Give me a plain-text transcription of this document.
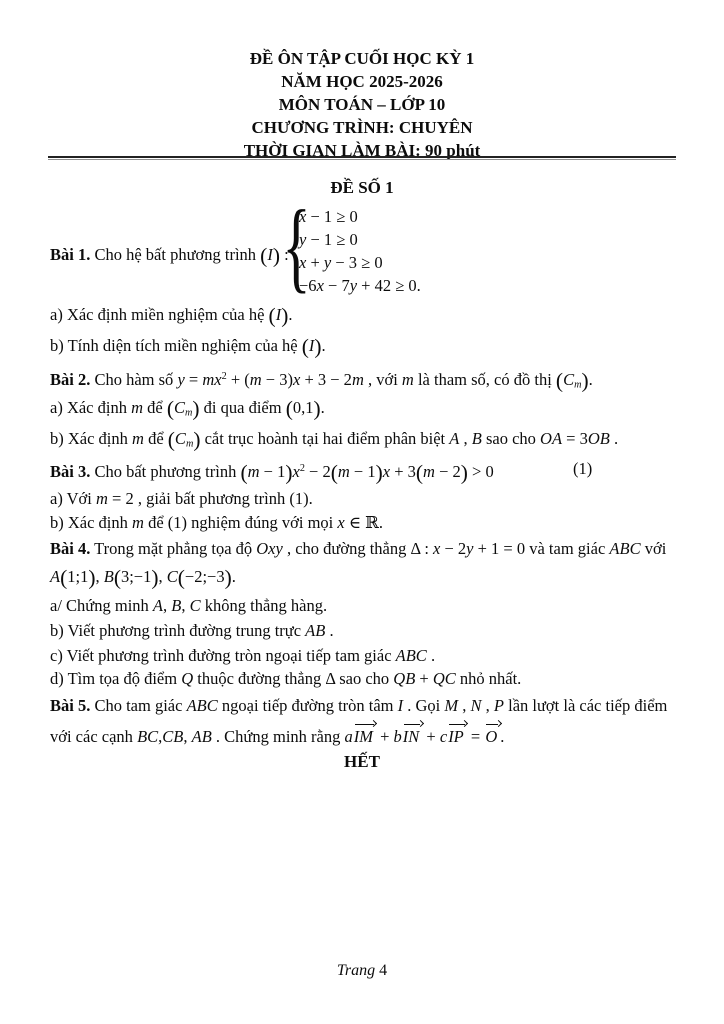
ĐỀ ÔN TẬP CUỐI HỌC KỲ 1
NĂM HỌC 2025-2026
MÔN TOÁN – LỚP 10
CHƯƠNG TRÌNH: CHUYÊN
THỜI GIAN LÀM BÀI: 90 phút
ĐỀ SỐ 1

Bài 1. Cho hệ bất phương trình (I) :

{
x − 1 ≥ 0
y − 1 ≥ 0
x + y − 3 ≥ 0
−6x − 7y + 42 ≥ 0.

a) Xác định miền nghiệm của hệ (I).

b) Tính diện tích miền nghiệm của hệ (I).

Bài 2. Cho hàm số $y = mx^2 + (m - 3)x + 3 - 2m$ , với m là tham số, có đồ thị (Cm).

a) Xác định m để (Cm) đi qua điểm (0,1).

b) Xác định m để (Cm) cắt trục hoành tại hai điểm phân biệt A , B sao cho OA = 3OB .

(1)
Bài 3. Cho bất phương trình $(m - 1)x^2 - 2(m - 1)x + 3(m - 2) > 0$

a) Với m = 2 , giải bất phương trình (1).

b) Xác định m để (1) nghiệm đúng với mọi x ∈ ℝ.

Bài 4. Trong mặt phẳng tọa độ Oxy , cho đường thẳng Δ : x − 2y + 1 = 0 và tam giác ABC với

A(1;1), B(3;−1), C(−2;−3).

a/ Chứng minh A, B, C không thẳng hàng.

b) Viết phương trình đường trung trực AB .

c) Viết phương trình đường tròn ngoại tiếp tam giác ABC .

d) Tìm tọa độ điểm Q thuộc đường thẳng Δ sao cho QB + QC nhỏ nhất.

Bài 5. Cho tam giác ABC ngoại tiếp đường tròn tâm I . Gọi M , N , P lần lượt là các tiếp điểm

với các cạnh BC,CB, AB . Chứng minh rằng aIM + bIN + cIP = O .

HẾT
Trang 4
